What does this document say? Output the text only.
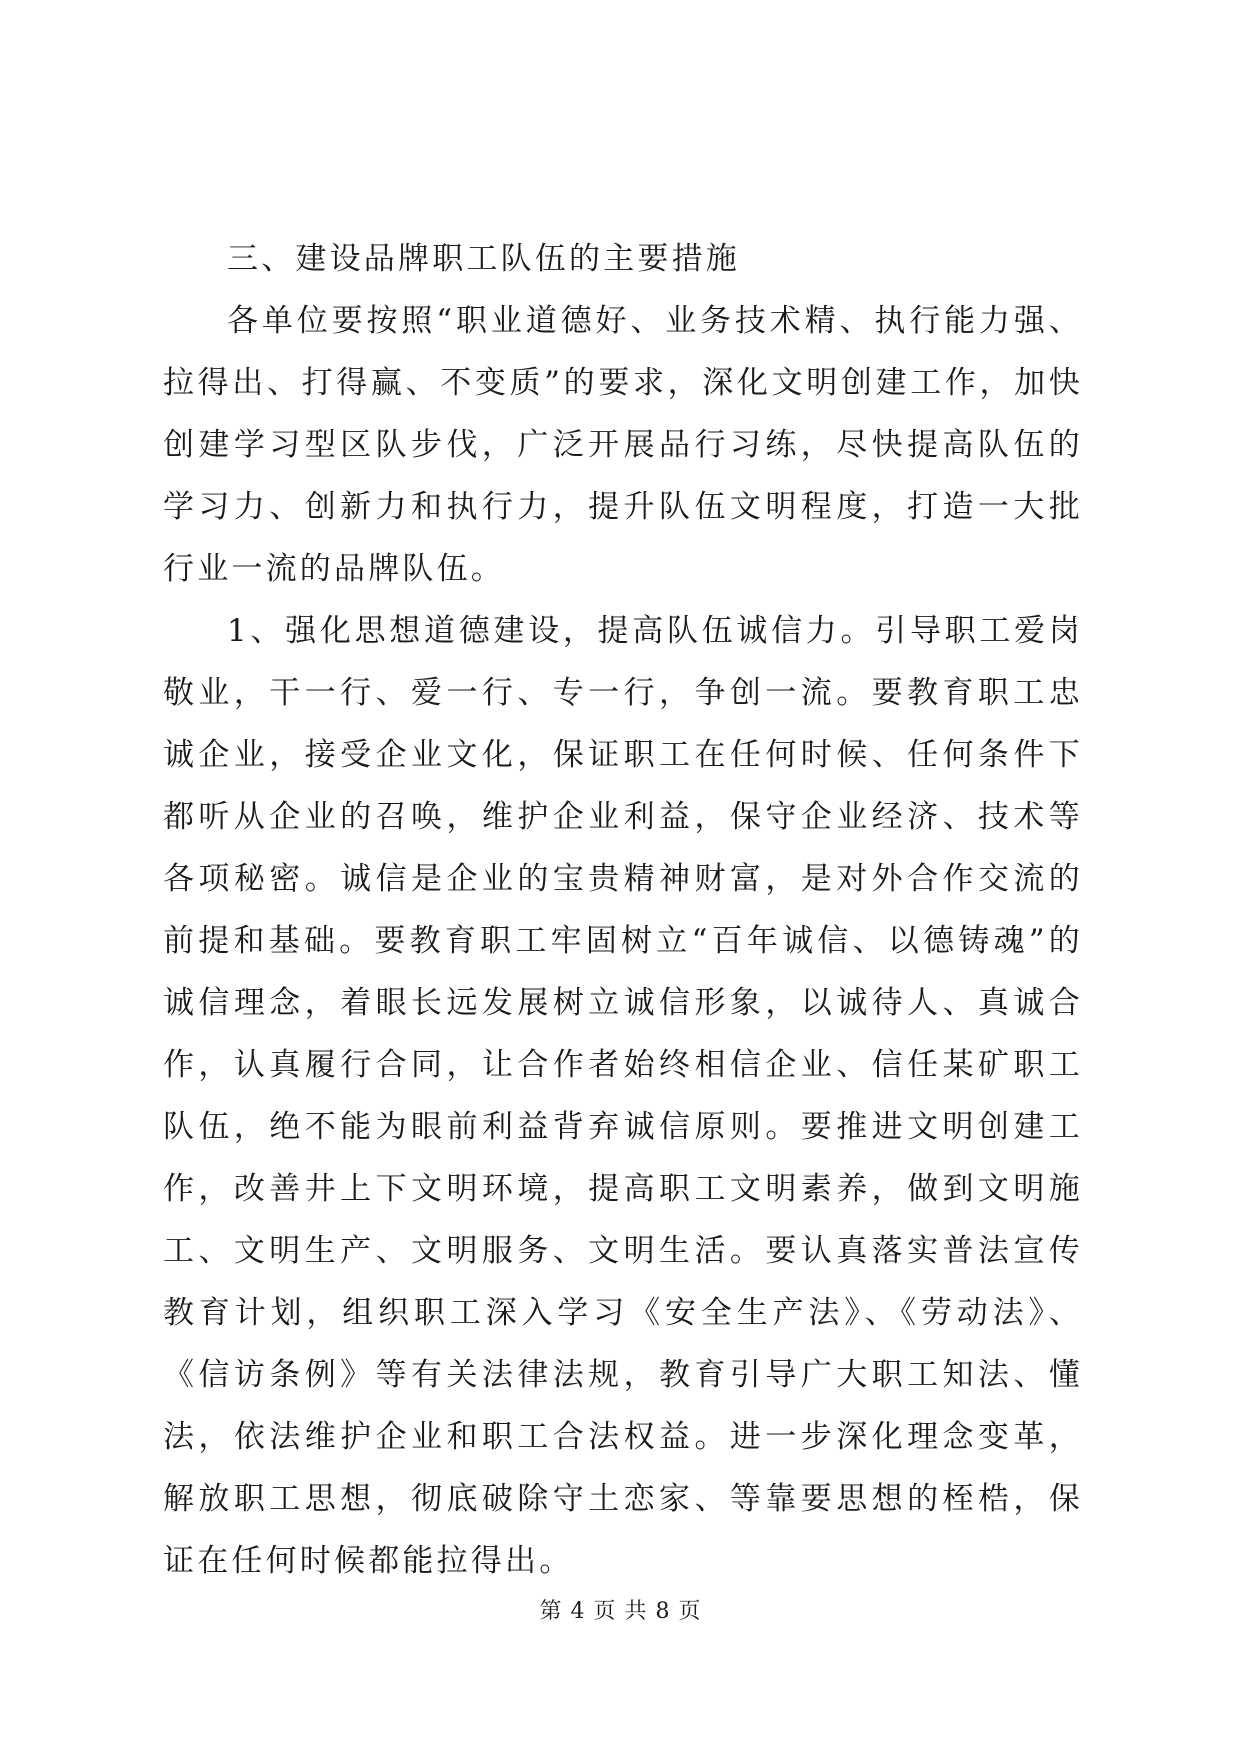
三、建设品牌职工队伍的主要措施

各单位要按照“职业道德好、业务技术精、执行能力强、拉得出、打得赢、不变质”的要求，深化文明创建工作，加快创建学习型区队步伐，广泛开展品行习练，尽快提高队伍的学习力、创新力和执行力，提升队伍文明程度，打造一大批行业一流的品牌队伍。

1、强化思想道德建设，提高队伍诚信力。引导职工爱岗敬业，干一行、爱一行、专一行，争创一流。要教育职工忠诚企业，接受企业文化，保证职工在任何时候、任何条件下都听从企业的召唤，维护企业利益，保守企业经济、技术等各项秘密。诚信是企业的宝贵精神财富，是对外合作交流的前提和基础。要教育职工牢固树立“百年诚信、以德铸魂”的诚信理念，着眼长远发展树立诚信形象，以诚待人、真诚合作，认真履行合同，让合作者始终相信企业、信任某矿职工队伍，绝不能为眼前利益背弃诚信原则。要推进文明创建工作，改善井上下文明环境，提高职工文明素养，做到文明施工、文明生产、文明服务、文明生活。要认真落实普法宣传教育计划，组织职工深入学习《安全生产法》、《劳动法》、《信访条例》等有关法律法规，教育引导广大职工知法、懂法，依法维护企业和职工合法权益。进一步深化理念变革，解放职工思想，彻底破除守土恋家、等靠要思想的桎梏，保证在任何时候都能拉得出。

第 4 页 共 8 页
